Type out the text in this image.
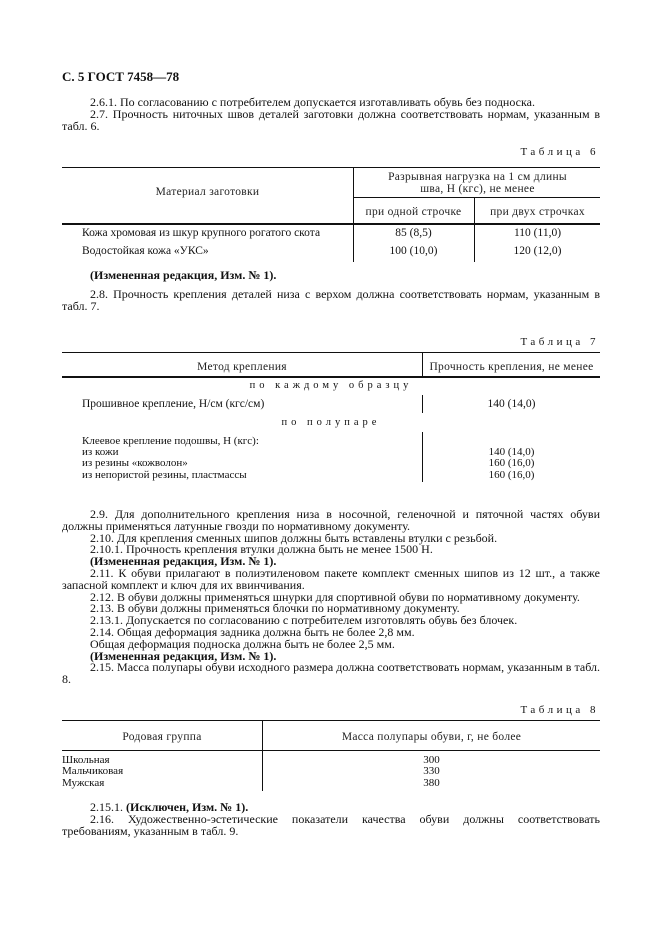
С. 5 ГОСТ 7458—78
2.6.1. По согласованию с потребителем допускается изготавливать обувь без подноска.
2.7. Прочность ниточных швов деталей заготовки должна соответствовать нормам, указанным в табл. 6.
Таблица 6
Материал заготовки
Разрывная нагрузка на 1 см длины шва, Н (кгс), не менее
при одной строчке	при двух строчках
Кожа хромовая из шкур крупного рогатого скота	85 (8,5)	110 (11,0)
Водостойкая кожа «УКС»	100 (10,0)	120 (12,0)
(Измененная редакция, Изм. № 1).
2.8. Прочность крепления деталей низа с верхом должна соответствовать нормам, указанным в табл. 7.
Таблица 7
Метод крепления	Прочность крепления, не менее
по каждому образцу
Прошивное крепление, Н/см (кгс/см)	140 (14,0)
по полупаре
Клеевое крепление подошвы, Н (кгс):
из кожи	140 (14,0)
из резины «кожволон»	160 (16,0)
из непористой резины, пластмассы	160 (16,0)
2.9. Для дополнительного крепления низа в носочной, геленочной и пяточной частях обуви должны применяться латунные гвозди по нормативному документу.
2.10. Для крепления сменных шипов должны быть вставлены втулки с резьбой.
2.10.1. Прочность крепления втулки должна быть не менее 1500 Н.
(Измененная редакция, Изм. № 1).
2.11. К обуви прилагают в полиэтиленовом пакете комплект сменных шипов из 12 шт., а также запасной комплект и ключ для их ввинчивания.
2.12. В обуви должны применяться шнурки для спортивной обуви по нормативному документу.
2.13. В обуви должны применяться блочки по нормативному документу.
2.13.1. Допускается по согласованию с потребителем изготовлять обувь без блочек.
2.14. Общая деформация задника должна быть не более 2,8 мм.
Общая деформация подноска должна быть не более 2,5 мм.
(Измененная редакция, Изм. № 1).
2.15. Масса полупары обуви исходного размера должна соответствовать нормам, указанным в табл. 8.
Таблица 8
Родовая группа	Масса полупары обуви, г, не более
Школьная	300
Мальчиковая	330
Мужская	380
2.15.1. (Исключен, Изм. № 1).
2.16. Художественно-эстетические показатели качества обуви должны соответствовать требованиям, указанным в табл. 9.
